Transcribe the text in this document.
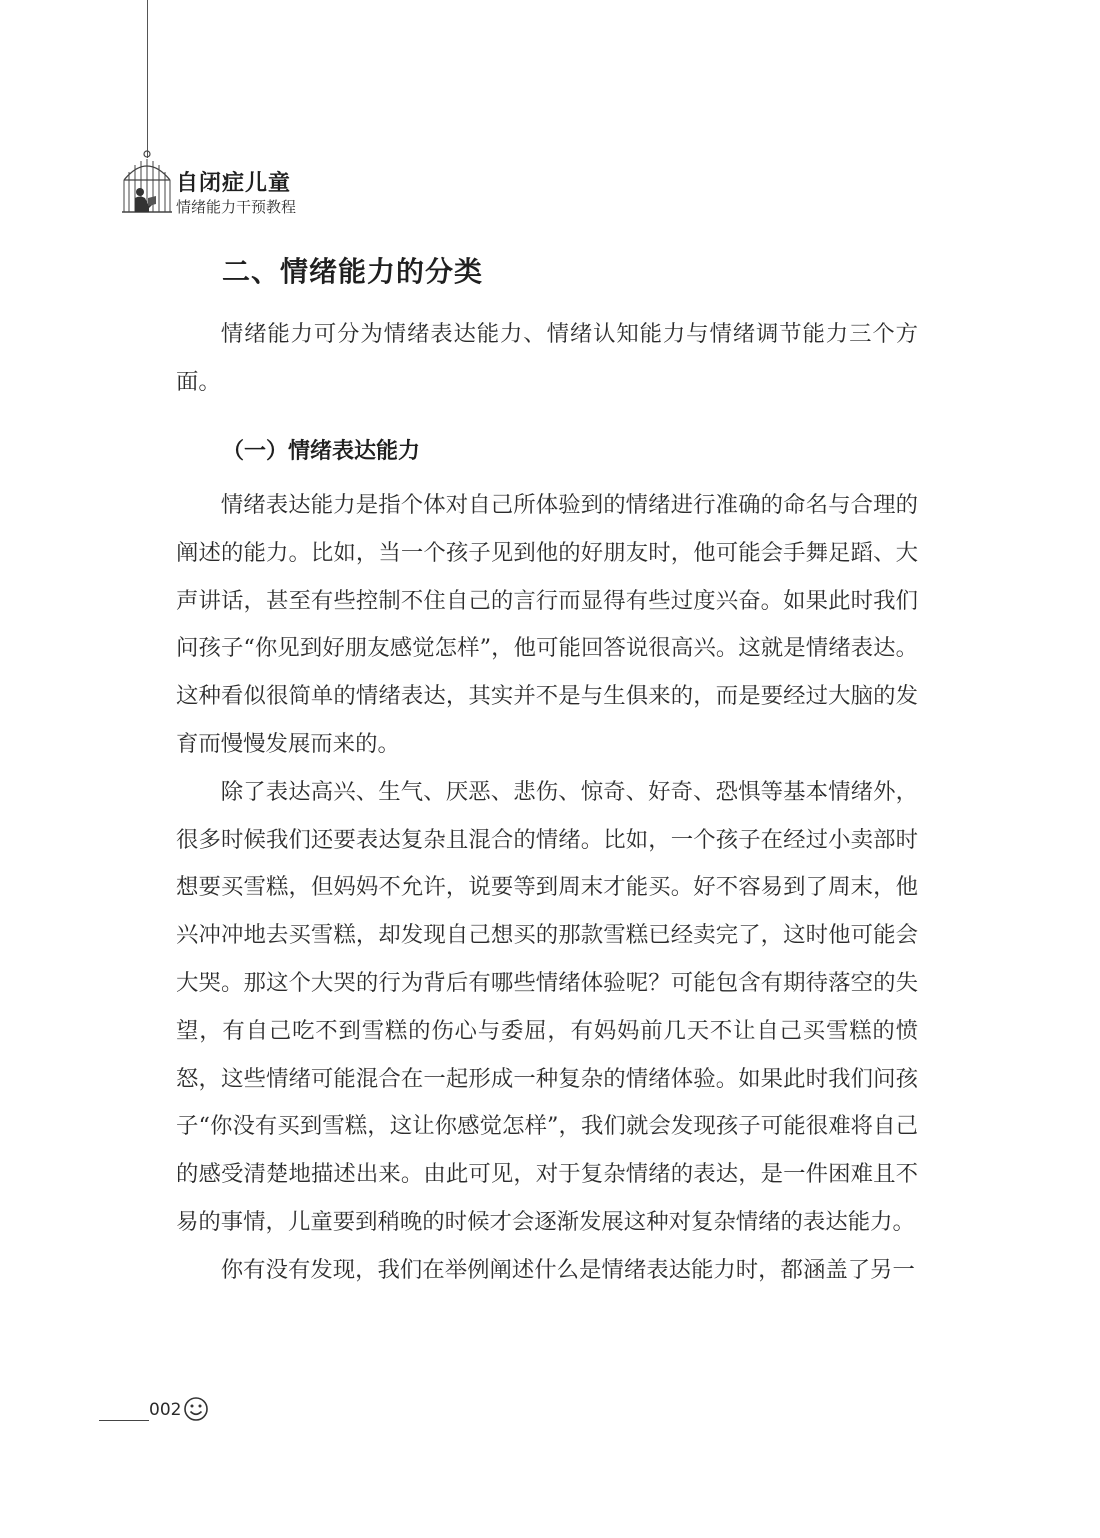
自闭症儿童
情绪能力干预教程
二、情绪能力的分类

情绪能力可分为情绪表达能力、情绪认知能力与情绪调节能力三个方面。

（一）情绪表达能力

情绪表达能力是指个体对自己所体验到的情绪进行准确的命名与合理的阐述的能力。比如，当一个孩子见到他的好朋友时，他可能会手舞足蹈、大声讲话，甚至有些控制不住自己的言行而显得有些过度兴奋。如果此时我们问孩子“你见到好朋友感觉怎样”，他可能回答说很高兴。这就是情绪表达。这种看似很简单的情绪表达，其实并不是与生俱来的，而是要经过大脑的发育而慢慢发展而来的。

除了表达高兴、生气、厌恶、悲伤、惊奇、好奇、恐惧等基本情绪外，很多时候我们还要表达复杂且混合的情绪。比如，一个孩子在经过小卖部时想要买雪糕，但妈妈不允许，说要等到周末才能买。好不容易到了周末，他兴冲冲地去买雪糕，却发现自己想买的那款雪糕已经卖完了，这时他可能会大哭。那这个大哭的行为背后有哪些情绪体验呢？可能包含有期待落空的失望，有自己吃不到雪糕的伤心与委屈，有妈妈前几天不让自己买雪糕的愤怒，这些情绪可能混合在一起形成一种复杂的情绪体验。如果此时我们问孩子“你没有买到雪糕，这让你感觉怎样”，我们就会发现孩子可能很难将自己的感受清楚地描述出来。由此可见，对于复杂情绪的表达，是一件困难且不易的事情，儿童要到稍晚的时候才会逐渐发展这种对复杂情绪的表达能力。

你有没有发现，我们在举例阐述什么是情绪表达能力时，都涵盖了另一

002
